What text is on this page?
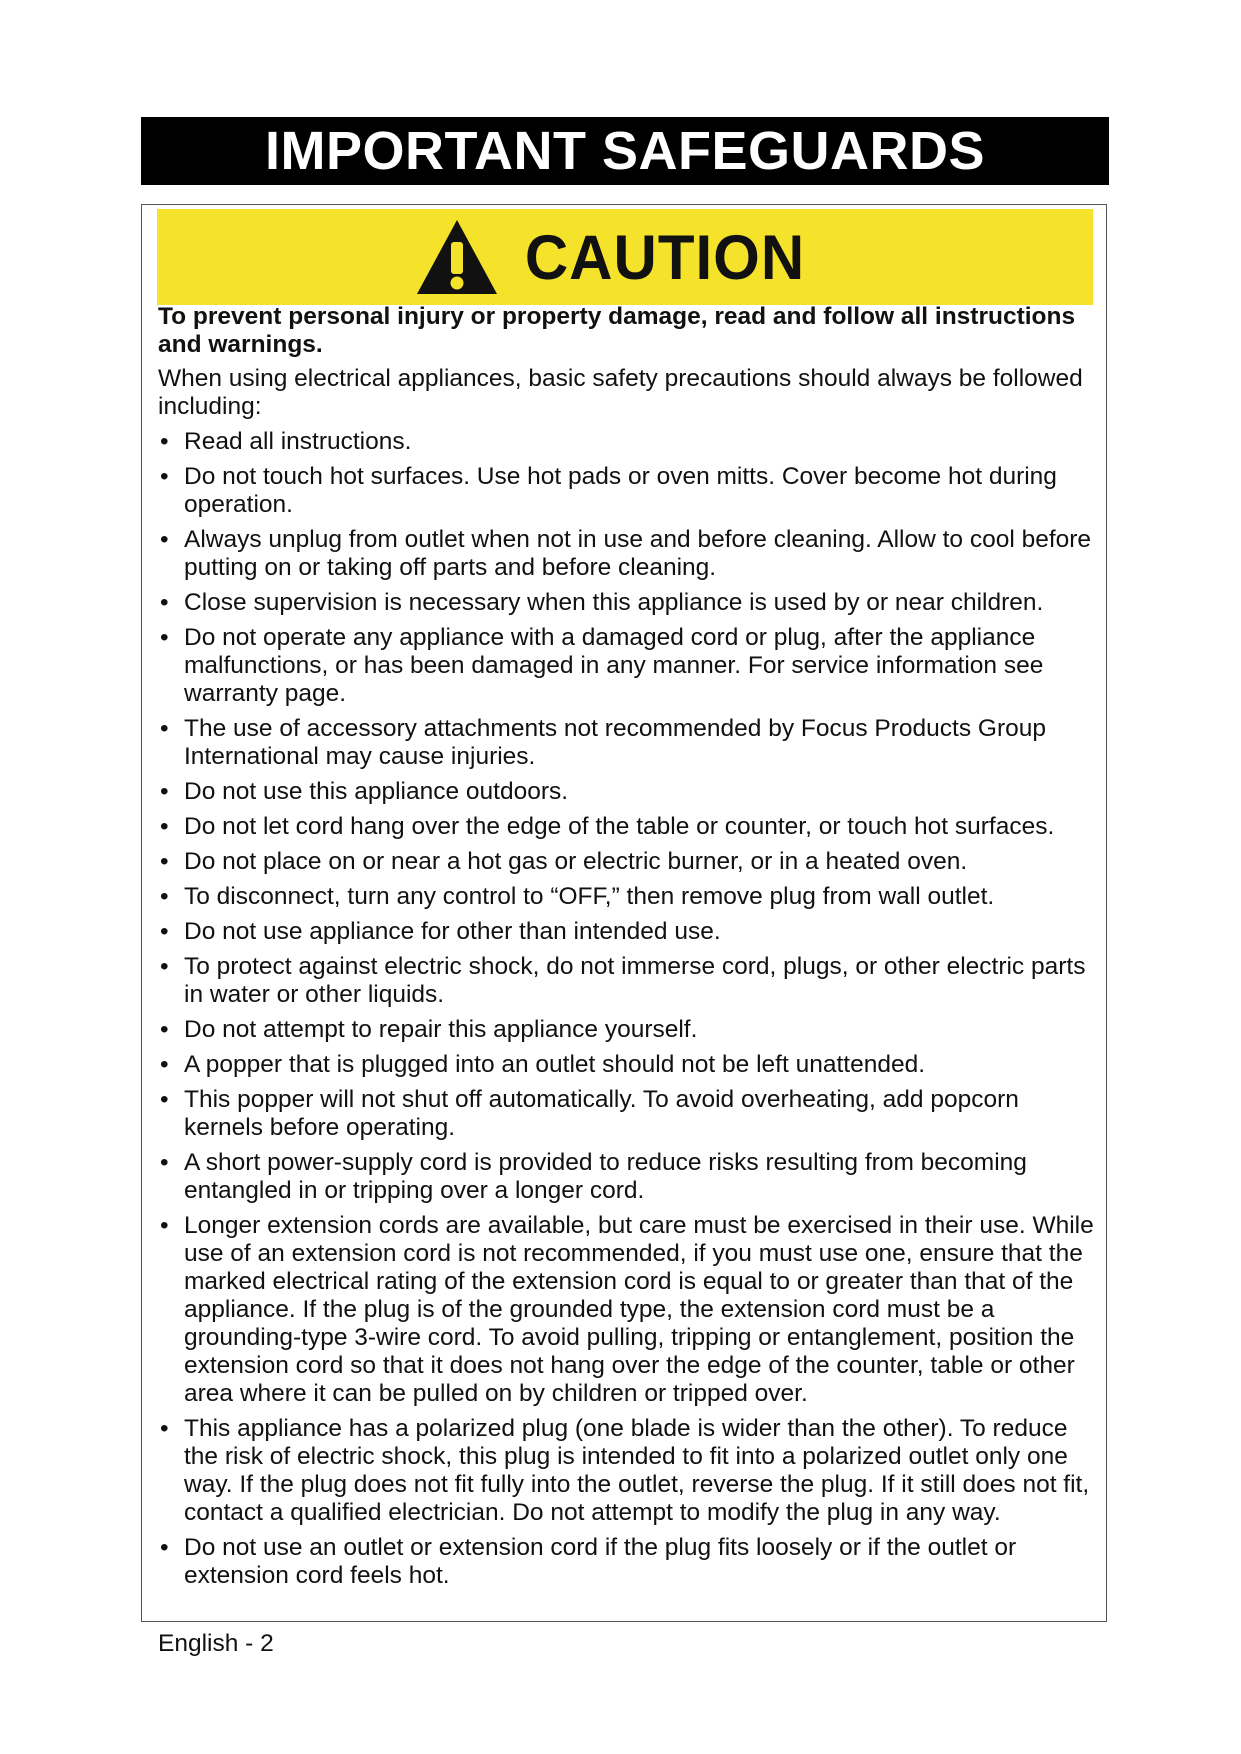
IMPORTANT SAFEGUARDS
CAUTION

To prevent personal injury or property damage, read and follow all instructions and warnings.

When using electrical appliances, basic safety precautions should always be followed including:

• Read all instructions.
• Do not touch hot surfaces. Use hot pads or oven mitts. Cover become hot during operation.
• Always unplug from outlet when not in use and before cleaning. Allow to cool before putting on or taking off parts and before cleaning.
• Close supervision is necessary when this appliance is used by or near children.
• Do not operate any appliance with a damaged cord or plug, after the appliance malfunctions, or has been damaged in any manner. For service information see warranty page.
• The use of accessory attachments not recommended by Focus Products Group International may cause injuries.
• Do not use this appliance outdoors.
• Do not let cord hang over the edge of the table or counter, or touch hot surfaces.
• Do not place on or near a hot gas or electric burner, or in a heated oven.
• To disconnect, turn any control to “OFF,” then remove plug from wall outlet.
• Do not use appliance for other than intended use.
• To protect against electric shock, do not immerse cord, plugs, or other electric parts in water or other liquids.
• Do not attempt to repair this appliance yourself.
• A popper that is plugged into an outlet should not be left unattended.
• This popper will not shut off automatically. To avoid overheating, add popcorn kernels before operating.
• A short power-supply cord is provided to reduce risks resulting from becoming entangled in or tripping over a longer cord.
• Longer extension cords are available, but care must be exercised in their use. While use of an extension cord is not recommended, if you must use one, ensure that the marked electrical rating of the extension cord is equal to or greater than that of the appliance. If the plug is of the grounded type, the extension cord must be a grounding-type 3-wire cord. To avoid pulling, tripping or entanglement, position the extension cord so that it does not hang over the edge of the counter, table or other area where it can be pulled on by children or tripped over.
• This appliance has a polarized plug (one blade is wider than the other). To reduce the risk of electric shock, this plug is intended to fit into a polarized outlet only one way. If the plug does not fit fully into the outlet, reverse the plug. If it still does not fit, contact a qualified electrician. Do not attempt to modify the plug in any way.
• Do not use an outlet or extension cord if the plug fits loosely or if the outlet or extension cord feels hot.
English - 2
